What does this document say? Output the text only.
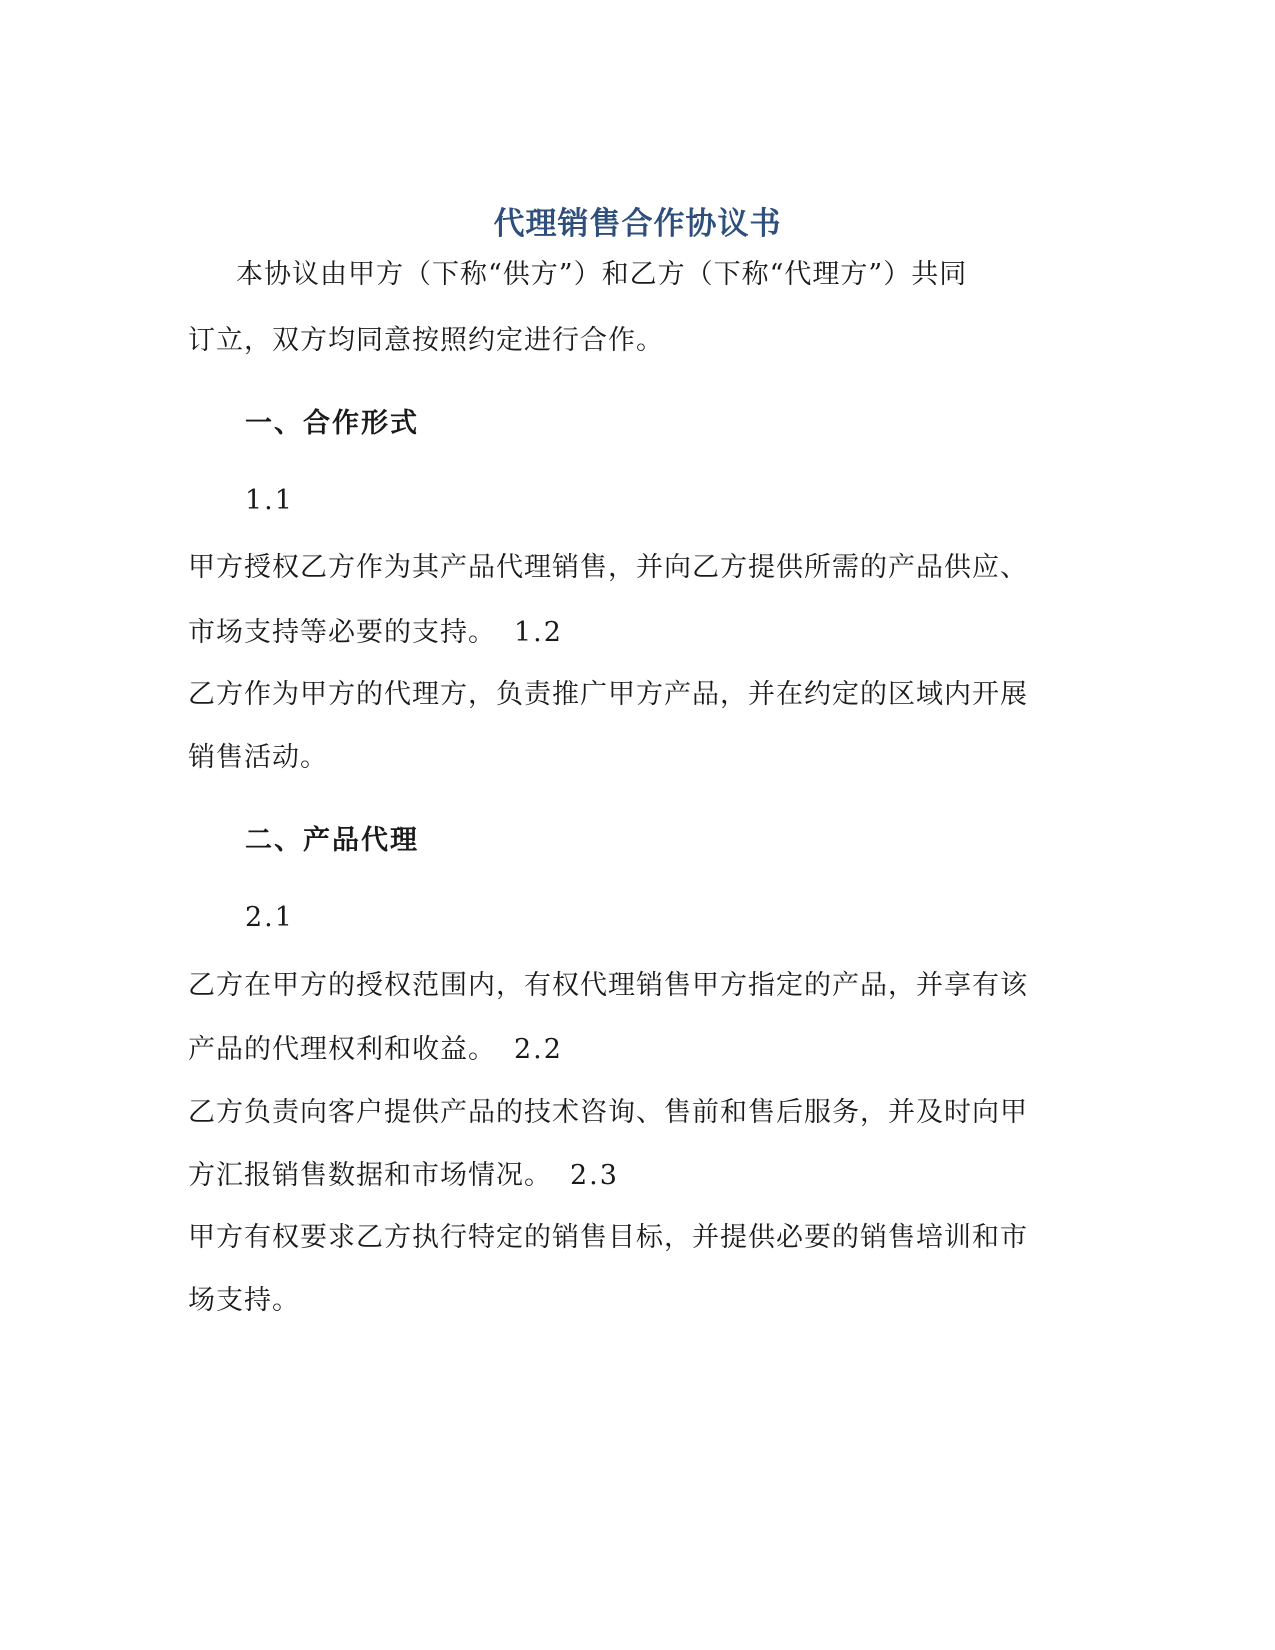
代理销售合作协议书
本协议由甲方（下称“供方”）和乙方（下称“代理方”）共同
订立，双方均同意按照约定进行合作。
一、合作形式
1.1
甲方授权乙方作为其产品代理销售，并向乙方提供所需的产品供应、
市场支持等必要的支持。 1.2
乙方作为甲方的代理方，负责推广甲方产品，并在约定的区域内开展
销售活动。
二、产品代理
2.1
乙方在甲方的授权范围内，有权代理销售甲方指定的产品，并享有该
产品的代理权利和收益。 2.2
乙方负责向客户提供产品的技术咨询、售前和售后服务，并及时向甲
方汇报销售数据和市场情况。 2.3
甲方有权要求乙方执行特定的销售目标，并提供必要的销售培训和市
场支持。
